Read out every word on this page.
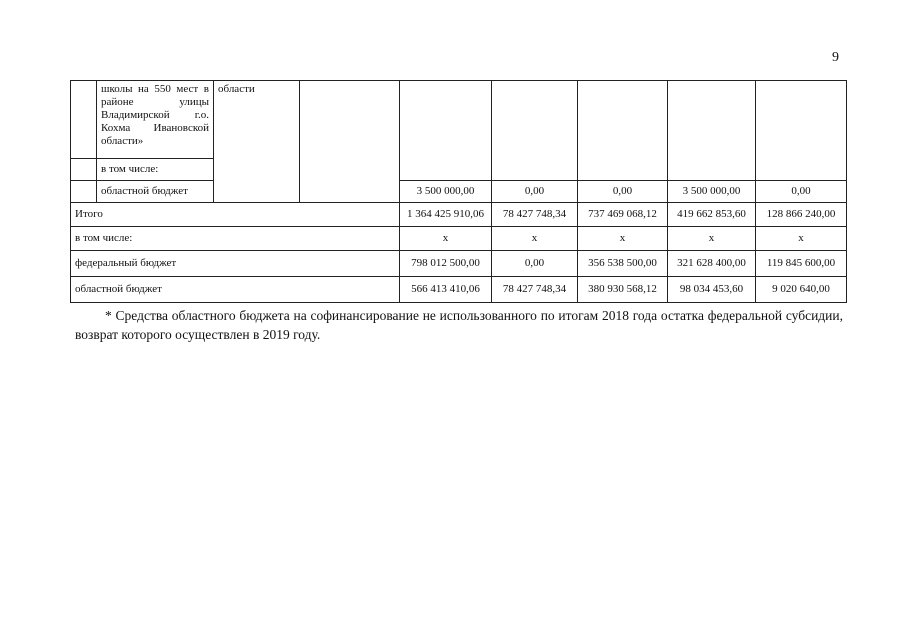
9

	школы на 550 мест в
районе улицы
Владимирской г.о.
Кохма Ивановской
области»	области						
	в том числе:							
	областной бюджет			3 500 000,00	0,00	0,00	3 500 000,00	0,00
Итого				1 364 425 910,06	78 427 748,34	737 469 068,12	419 662 853,60	128 866 240,00
в том числе:				х	х	х	х	х
федеральный бюджет				798 012 500,00	0,00	356 538 500,00	321 628 400,00	119 845 600,00
областной бюджет				566 413 410,06	78 427 748,34	380 930 568,12	98 034 453,60	9 020 640,00
* Средства областного бюджета на софинансирование не использованного по итогам 2018 года остатка федеральной субсидии, возврат которого осуществлен в 2019 году.
